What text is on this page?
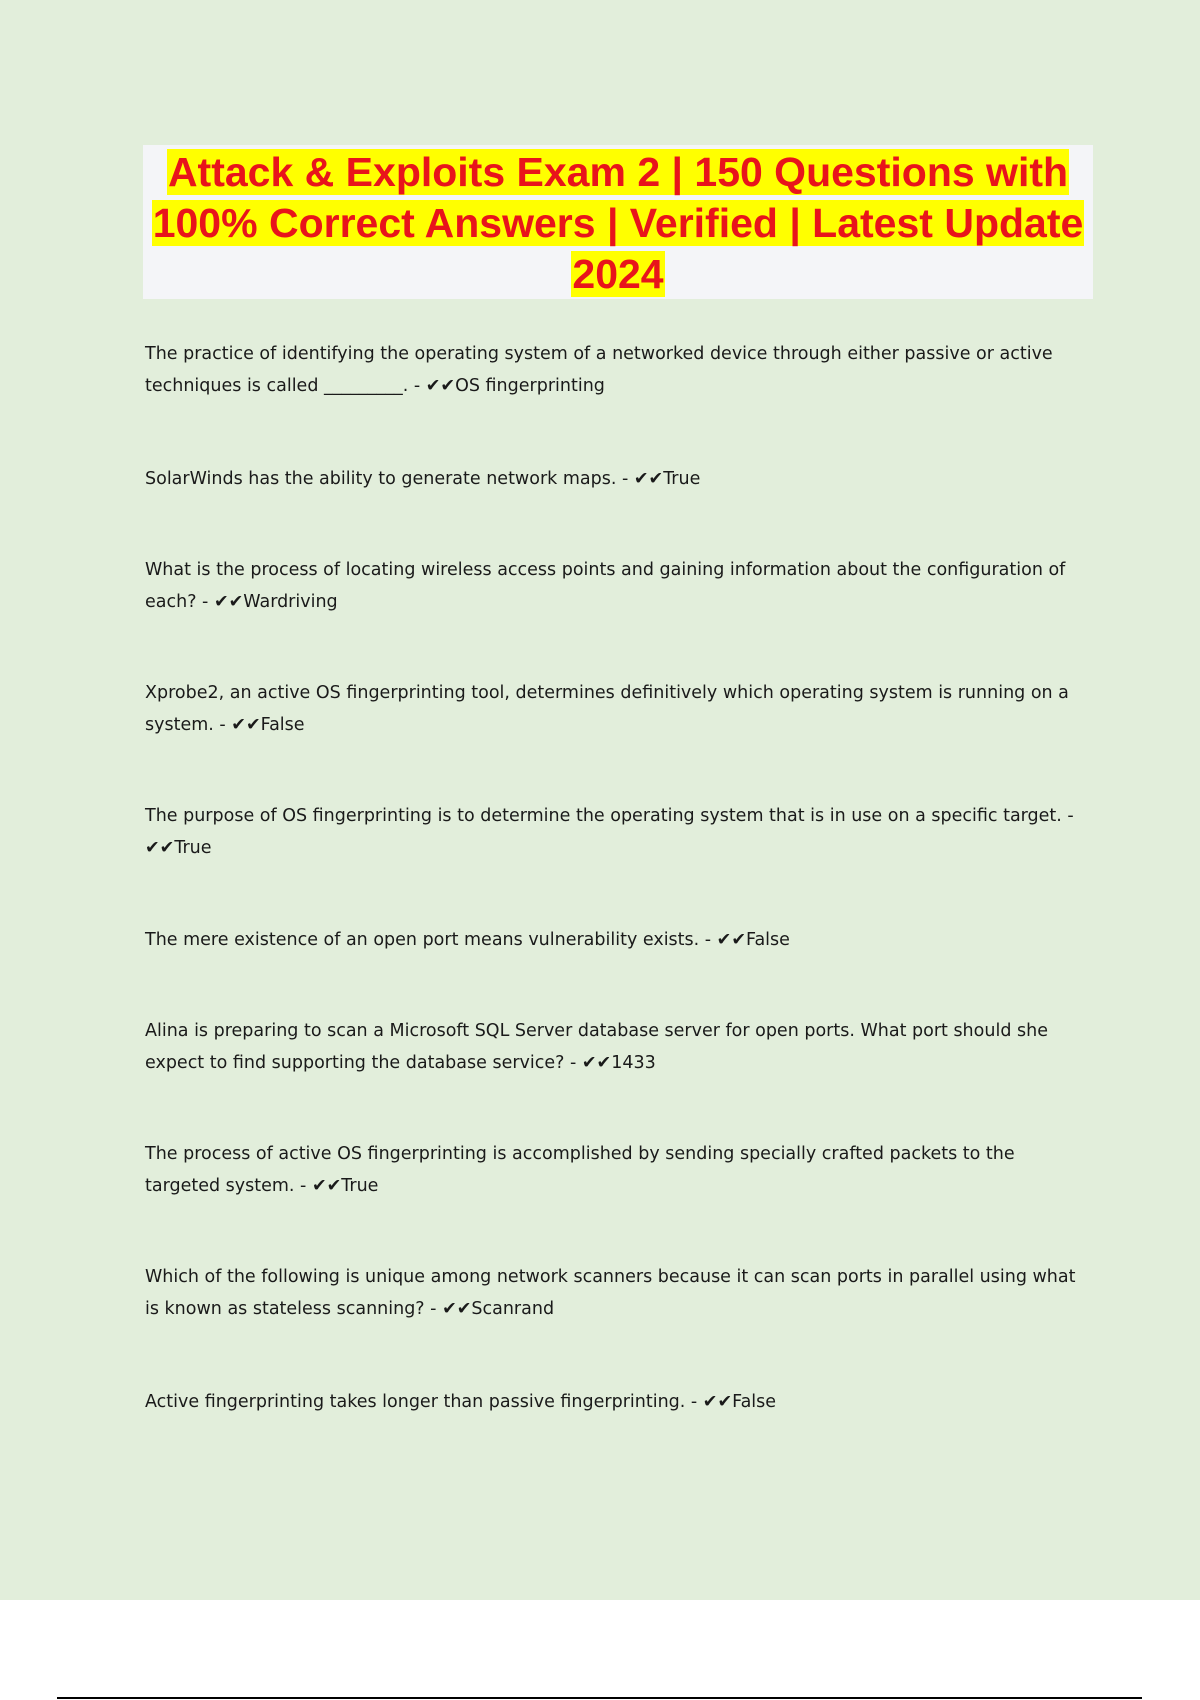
Attack & Exploits Exam 2 | 150 Questions with 100% Correct Answers | Verified | Latest Update 2024
The practice of identifying the operating system of a networked device through either passive or active techniques is called _________. - ✔✔OS fingerprinting
SolarWinds has the ability to generate network maps. - ✔✔True
What is the process of locating wireless access points and gaining information about the configuration of each? - ✔✔Wardriving
Xprobe2, an active OS fingerprinting tool, determines definitively which operating system is running on a system. - ✔✔False
The purpose of OS fingerprinting is to determine the operating system that is in use on a specific target. - ✔✔True
The mere existence of an open port means vulnerability exists. - ✔✔False
Alina is preparing to scan a Microsoft SQL Server database server for open ports. What port should she expect to find supporting the database service? - ✔✔1433
The process of active OS fingerprinting is accomplished by sending specially crafted packets to the targeted system. - ✔✔True
Which of the following is unique among network scanners because it can scan ports in parallel using what is known as stateless scanning? - ✔✔Scanrand
Active fingerprinting takes longer than passive fingerprinting. - ✔✔False
